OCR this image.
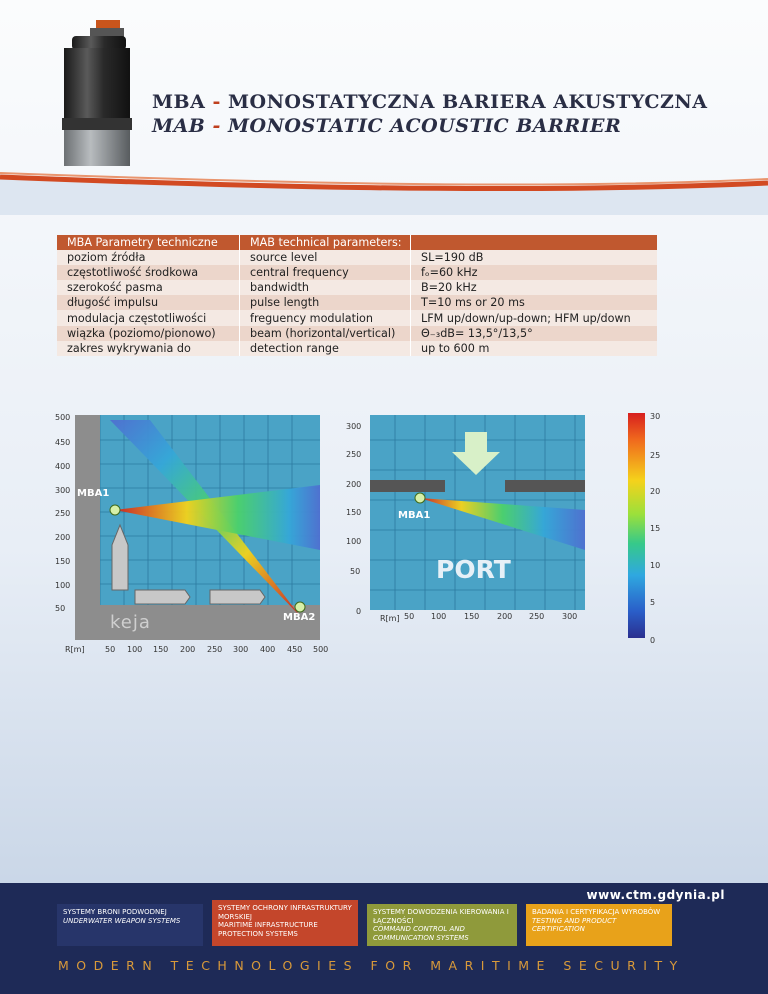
MBA - MONOSTATYCZNA BARIERA AKUSTYCZNA
MAB - MONOSTATIC ACOUSTIC BARRIER
MBA Parametry techniczne	MAB technical parameters:	
poziom źródła	source level	SL=190 dB
częstotliwość środkowa	central frequency	fₒ=60 kHz
szerokość pasma	bandwidth	B=20 kHz
długość impulsu	pulse length	T=10 ms or 20 ms
modulacja częstotliwości	freguency modulation	LFM up/down/up-down; HFM up/down
wiązka (poziomo/pionowo)	beam (horizontal/vertical)	Θ₋₃dB= 13,5°/13,5°
zakres wykrywania do	detection range	up to 600 m
MBA1
MBA2
keja
500
450
400
300
250
200
150
100
50
R[m]	50 100 150 200 250 300 400 450 500
MBA1
PORT
300
250
200
150
100
50
0
R[m] 50 100 150 200 250 300
30
25
20
15
10
5
0
www.ctm.gdynia.pl
SYSTEMY BRONI PODWODNEJ
UNDERWATER WEAPON SYSTEMS
SYSTEMY OCHRONY INFRASTRUKTURY MORSKIEJ
MARITIME INFRASTRUCTURE PROTECTION SYSTEMS
SYSTEMY DOWODZENIA KIEROWANIA I ŁĄCZNOŚCI
COMMAND CONTROL AND COMMUNICATION SYSTEMS
BADANIA I CERTYFIKACJA WYROBÓW
TESTING AND PRODUCT CERTIFICATION
MODERN TECHNOLOGIES FOR MARITIME SECURITY
